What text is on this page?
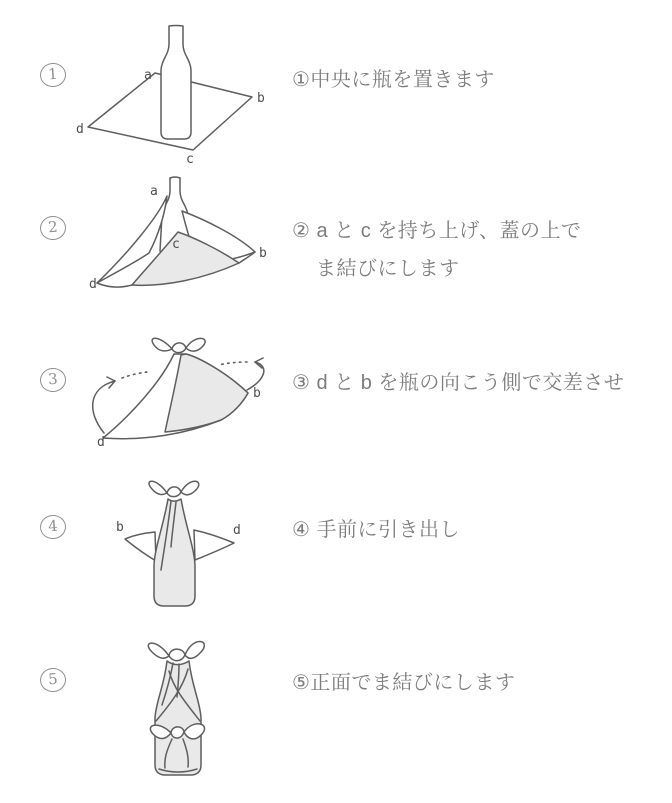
1	a
b
c
d
①中央に瓶を置きます
2
a
b
c
d
② a と c を持ち上げ、蓋の上で
ま結びにします
3
d
b ③ d と b を瓶の向こう側で交差させ
4	b	d	④ 手前に引き出し
5	⑤正面でま結びにします
